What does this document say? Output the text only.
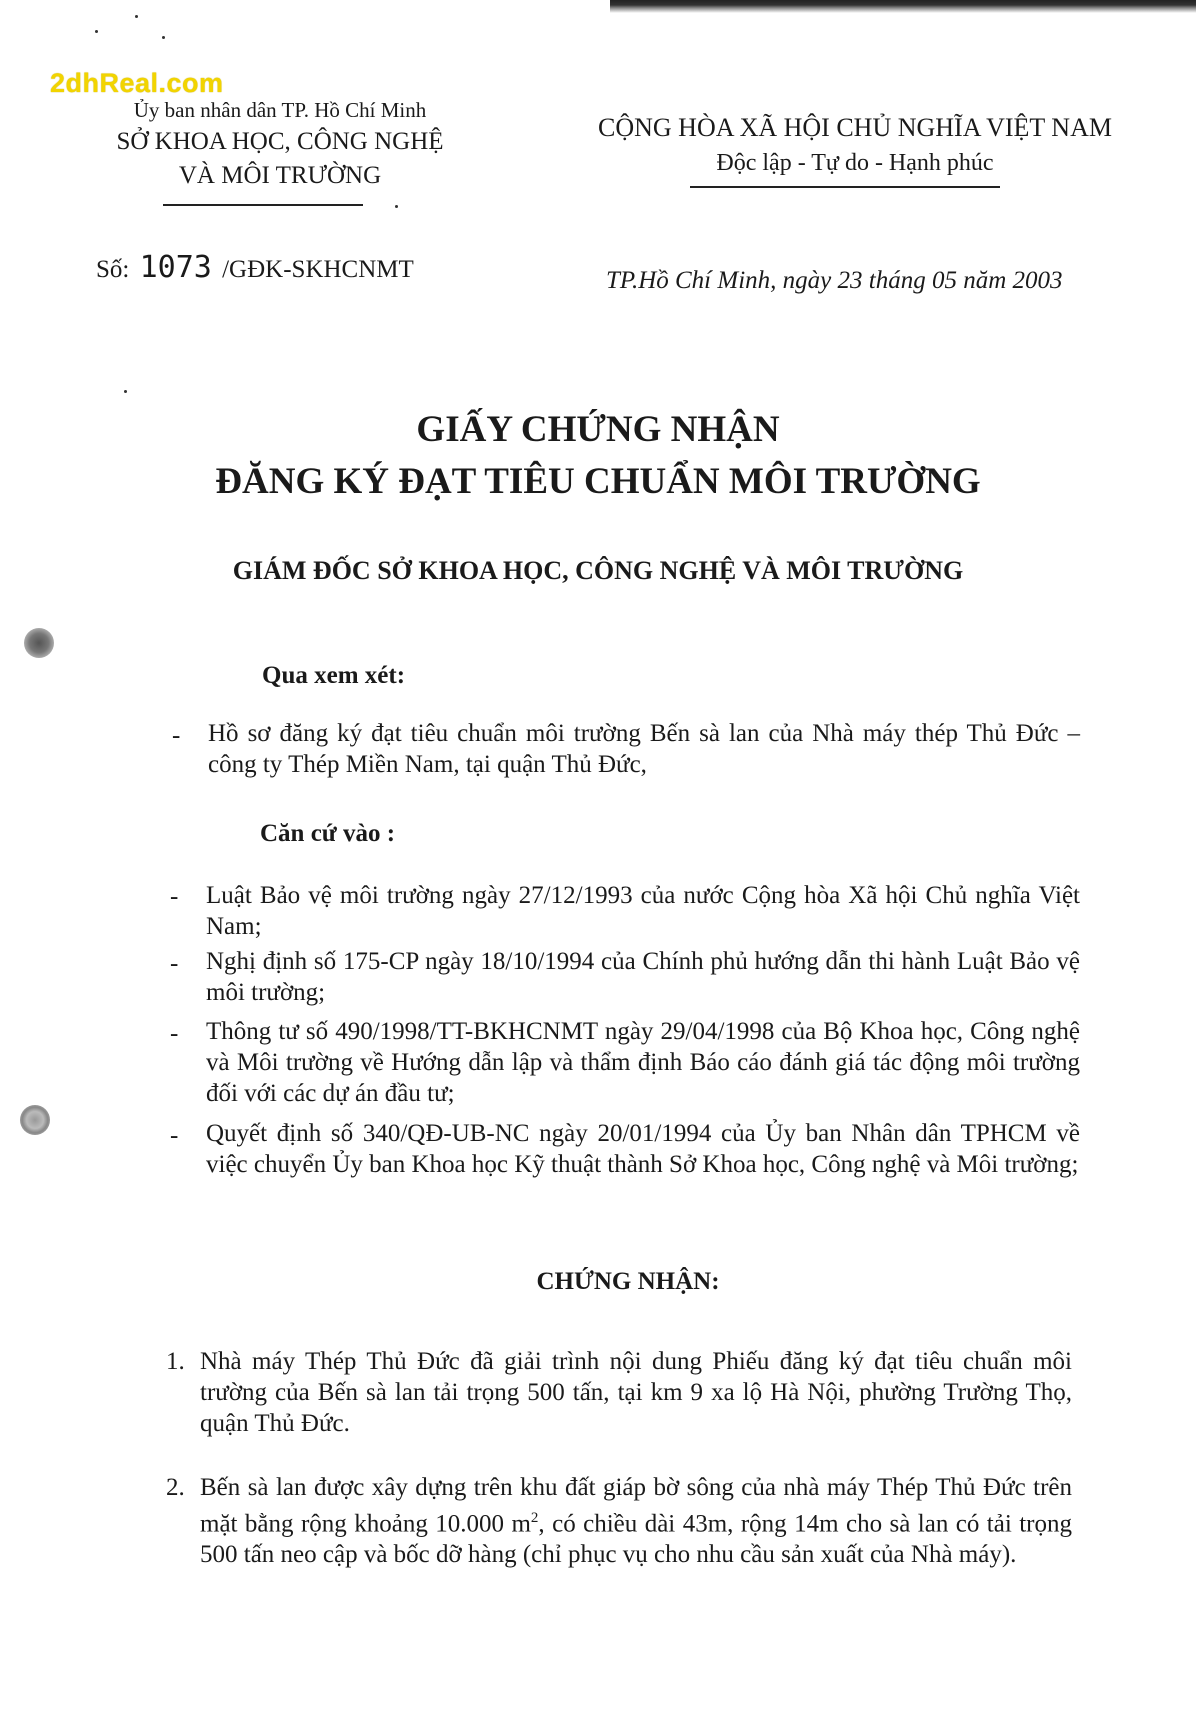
2dhReal.com
Ủy ban nhân dân TP. Hồ Chí Minh
SỞ KHOA HỌC, CÔNG NGHỆ
VÀ MÔI TRƯỜNG
CỘNG HÒA XÃ HỘI CHỦ NGHĨA VIỆT NAM
Độc lập - Tự do - Hạnh phúc
Số: 1073 /GĐK-SKHCNMT	TP.Hồ Chí Minh, ngày 23 tháng 05 năm 2003
GIẤY CHỨNG NHẬN
ĐĂNG KÝ ĐẠT TIÊU CHUẨN MÔI TRƯỜNG
GIÁM ĐỐC SỞ KHOA HỌC, CÔNG NGHỆ VÀ MÔI TRƯỜNG
Qua xem xét:
- Hồ sơ đăng ký đạt tiêu chuẩn môi trường Bến sà lan của Nhà máy thép Thủ Đức – công ty Thép Miền Nam, tại quận Thủ Đức,
Căn cứ vào :
- Luật Bảo vệ môi trường ngày 27/12/1993 của nước Cộng hòa Xã hội Chủ nghĩa Việt Nam;
- Nghị định số 175-CP ngày 18/10/1994 của Chính phủ hướng dẫn thi hành Luật Bảo vệ môi trường;
- Thông tư số 490/1998/TT-BKHCNMT ngày 29/04/1998 của Bộ Khoa học, Công nghệ và Môi trường về Hướng dẫn lập và thẩm định Báo cáo đánh giá tác động môi trường đối với các dự án đầu tư;
- Quyết định số 340/QĐ-UB-NC ngày 20/01/1994 của Ủy ban Nhân dân TPHCM về việc chuyển Ủy ban Khoa học Kỹ thuật thành Sở Khoa học, Công nghệ và Môi trường;
CHỨNG NHẬN:
1. Nhà máy Thép Thủ Đức đã giải trình nội dung Phiếu đăng ký đạt tiêu chuẩn môi trường của Bến sà lan tải trọng 500 tấn, tại km 9 xa lộ Hà Nội, phường Trường Thọ, quận Thủ Đức.
2. Bến sà lan được xây dựng trên khu đất giáp bờ sông của nhà máy Thép Thủ Đức trên mặt bằng rộng khoảng 10.000 $m^2$, có chiều dài 43m, rộng 14m cho sà lan có tải trọng 500 tấn neo cập và bốc dỡ hàng (chỉ phục vụ cho nhu cầu sản xuất của Nhà máy).
